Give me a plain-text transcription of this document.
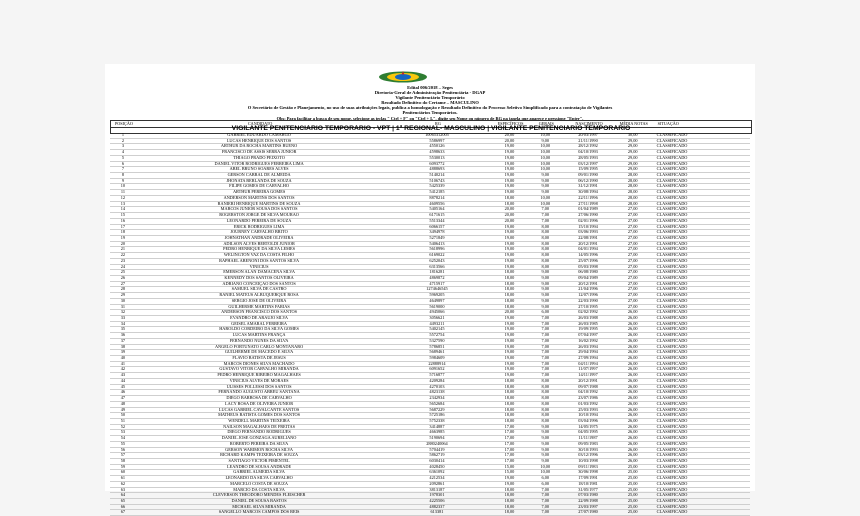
Edital 006/2018 – Seges
Diretoria-Geral de Administração Penitenciária - DGAP
Vigilante Penitenciário Temporário
Resultado Definitivo do Certame – MASCULINO
O Secretário de Gestão e Planejamento, no uso de suas atribuições legais, publica a homologação e Resultado Definitivo do Processo Seletivo Simplificado para a contratação de Vigilantes
Penitenciários Temporários.
Obs: Para facilitar a busca de seu nome, selecione as teclas " Ctrl + F" ou "Ctrl + L", digite seu Nome ou número de RG na janela que aparece e pressione "Enter".
POSIÇÃO	CANDIDATO	RG	ESPECÍFICOS	GERAIS	NASCIMENTO	MÉDIA NOTAS	SITUAÇÃO
VIGILANTE PENITENCIÁRIO TEMPORÁRIO - VPT | 1ª REGIONAL- MASCULINO | VIGILANTE PENITENCIÁRIO TEMPORÁRIO
1	GABRIEL EDUARDO CAMARGO	10065312005	20,00	10,00	20/03/1997	30,00	CLASSIFICADO
2	LUCAS HENRIQUE DOS SANTOS	5586997	20,00	9,00	21/11/1990	29,00	CLASSIFICADO
3	ARTHUR DA ROCHA MARTINS BUENO	4550126	19,00	10,00	28/12/1992	29,00	CLASSIFICADO
4	FRANCISCO DE ASSIS SERRA JÚNIOR	4598633	19,00	10,00	04/10/1993	29,00	CLASSIFICADO
5	THIAGO PRADO PEIXOTO	5530013	19,00	10,00	28/05/1993	29,00	CLASSIFICADO
6	DANIEL VITOR RODRIGUES FERREIRA LIMA	6093772	19,00	10,00	03/12/1997	29,00	CLASSIFICADO
7	ABEL BRUNO SOARES ALVES	4888693	19,00	10,00	15/09/1995	29,00	CLASSIFICADO
8	GERSON CABRAL DE ALMEIDA	5140214	19,00	9,00	09/01/1990	28,00	CLASSIFICADO
9	JHONATA BERLANDA DE SOUZA	5106743	19,00	9,00	06/12/1990	28,00	CLASSIFICADO
10	FILIPE GOMES DE CARVALHO	5425339	19,00	9,00	31/12/1991	28,00	CLASSIFICADO
11	ARTHUR PEREIRA GOMES	5412185	19,00	9,00	30/08/1994	28,00	CLASSIFICADO
12	ANDERSON MARTINS DOS SANTOS	8878214	18,00	10,00	22/11/1996	28,00	CLASSIFICADO
13	RANIERI HENRIQUE MARTINS DE SOUZA	4609556	18,00	10,00	27/11/1998	28,00	CLASSIFICADO
14	MARCOS JUNIOR SOUSA DOS SANTOS	5405164	20,00	7,00	01/04/1989	27,00	CLASSIFICADO
15	ROGERSTON JORGE DE SILVA MOURAO	6171615	20,00	7,00	27/06/1990	27,00	CLASSIFICADO
16	LEONARDO PEREIRA DE SOUZA	5513344	20,00	7,00	02/01/1996	27,00	CLASSIFICADO
17	ERICK RODRIGUES LIMA	6066157	19,00	8,00	15/10/1994	27,00	CLASSIFICADO
18	JOURNEY CARVALHO BRITO	3494978	19,00	8,00	03/06/1993	27,00	CLASSIFICADO
19	JOHNATHAN ANDRADE OLIVEIRA	5271849	19,00	8,00	22/08/1991	27,00	CLASSIFICADO
20	ADILSON ALVES BERTOLDI JUNIOR	5406413	19,00	8,00	20/12/1991	27,00	CLASSIFICADO
21	PEDRO HENRIQUE DA SILVA LEMES	5618996	19,00	8,00	04/01/1994	27,00	CLASSIFICADO
22	WELINGTON VAZ DA COSTA FILHO	6169022	19,00	8,00	14/05/1996	27,00	CLASSIFICADO
23	RAPHAEL ABENONI DOS SANTOS SILVA	6252043	19,00	8,00	25/07/1996	27,00	CLASSIFICADO
24	VINICIUS	6313566	19,00	8,00	05/03/1998	27,00	CLASSIFICADO
25	EMERSON ALAN DAMACENA SILVA	1816281	18,00	9,00	06/08/1980	27,00	CLASSIFICADO
26	KENNEDY DOS SANTOS OLIVEIRA	4869872	18,00	9,00	09/04/1989	27,00	CLASSIFICADO
27	ADRIANO CONCEIÇÃO DOS SANTOS	4715917	18,00	9,00	20/12/1991	27,00	CLASSIFICADO
28	SAMUEL SILVA DE CASTRO	1274646545	18,00	9,00	21/04/1996	27,00	CLASSIFICADO
29	RANIEL MATEUS ALBUQUERQUE ROSA	5969205	18,00	9,00	12/07/1996	27,00	CLASSIFICADO
30	SERGIO JOSÉ DE OLIVEIRA	4649897	18,00	9,00	22/03/1990	27,00	CLASSIFICADO
31	GUILHERME MARTINS FARIAS	5619000	18,00	9,00	27/10/1995	27,00	CLASSIFICADO
32	ANDERSON FRANCISCO DOS SANTOS	4945066	20,00	6,00	02/02/1992	26,00	CLASSIFICADO
33	EVANDRO DE ARAÚJO SILVA	3056621	19,00	7,00	26/03/1988	26,00	CLASSIFICADO
34	GEISEL AMARAL FERREIRA	4493211	19,00	7,00	26/03/1985	26,00	CLASSIFICADO
35	HAROLDO CORDEIRO DA SILVA GOMES	5402145	19,00	7,00	19/09/1995	26,00	CLASSIFICADO
36	LUCAS MARTINS FRANÇA	5572754	19,00	7,00	07/04/1997	26,00	CLASSIFICADO
37	FERNANDO NUNES DA SILVA	5327590	19,00	7,00	16/02/1992	26,00	CLASSIFICADO
38	ÂNGELO FORTUNATO CARLO MONTANARO	5786851	19,00	7,00	26/03/1994	26,00	CLASSIFICADO
39	GUILHERME DE MACEDO E SILVA	5689461	19,00	7,00	29/04/1994	26,00	CLASSIFICADO
40	FLAVIO BATISTA DE JESUS	5984609	19,00	7,00	27/09/1994	26,00	CLASSIFICADO
41	MARCOS DIONES SILVA MACHADO	22888914	19,00	7,00	04/11/1994	26,00	CLASSIFICADO
42	GUSTAVO VITOR CARVALHO MIRANDA	6091652	19,00	7,00	11/07/1997	26,00	CLASSIFICADO
43	PEDRO HENRIQUE RIBEIRO MAGALHÃES	5716877	19,00	7,00	14/11/1997	26,00	CLASSIFICADO
44	VINICIUS ALVES DE MORAES	4209284	18,00	8,00	20/12/1991	26,00	CLASSIFICADO
45	ULISSES POLLESSI DOS SANTOS	4270103	18,00	8,00	09/07/1988	26,00	CLASSIFICADO
46	FERNANDO AUGUSTO ABREU SANTANA	4823138	18,00	8,00	04/10/1992	26,00	CLASSIFICADO
47	DIEGO BARBOSA DE CARVALHO	2342934	18,00	8,00	23/07/1986	26,00	CLASSIFICADO
48	LACY ROSA DE OLIVEIRA JUNIOR	5652684	18,00	8,00	01/03/1992	26,00	CLASSIFICADO
49	LUCAS GABRIEL CAVALCANTE SANTOS	5687229	18,00	8,00	25/03/1993	26,00	CLASSIFICADO
50	MATHEUS BATISTA GOMES DOS SANTOS	5725186	18,00	8,00	10/10/1994	26,00	CLASSIFICADO
51	WENDELL MARTINS TEIXEIRA	5752338	18,00	8,00	03/04/1996	26,00	CLASSIFICADO
52	NAILSON MAGALHÃES DE FREITAS	3414887	17,00	9,00	14/05/1975	26,00	CLASSIFICADO
53	DIEGO FERNANDO RODRIGUES	4663985	17,00	9,00	04/05/1995	26,00	CLASSIFICADO
54	DANIEL JOSÉ GONZAGA AURELIANO	5190694	17,00	9,00	11/11/1987	26,00	CLASSIFICADO
55	ROBERTO PEREIRA DA SILVA	2880240064	17,00	9,00	09/05/1983	26,00	CLASSIFICADO
56	GERSON WARIMON ROCHA SILVA	5704419	17,00	9,00	30/10/1993	26,00	CLASSIFICADO
57	RICHARD KAMPS TEIXEIRA DE SOUZA	5862719	17,00	9,00	03/12/1996	26,00	CLASSIFICADO
58	SANTIAGO VICTOR PIMENTEL	6030414	17,00	9,00	10/03/1998	26,00	CLASSIFICADO
59	LEANDRO DE SOUSA ANDRADE	4028450	15,00	10,00	09/11/1983	25,00	CLASSIFICADO
60	GABRIEL ALMEIDA SILVA	6361092	15,00	10,00	30/06/1998	25,00	CLASSIFICADO
61	LEONARDO DA SILVA CARVALHO	4212534	19,00	6,00	17/09/1991	25,00	CLASSIFICADO
62	MARCELO COSTA DE SOUZA	2092861	19,00	6,00	18/10/1981	25,00	CLASSIFICADO
63	MARCIO DA COSTA SILVA	3813187	18,00	7,00	31/05/1977	25,00	CLASSIFICADO
64	CLEVERSON THEODORO MENDES FLEISCHER	1978301	18,00	7,00	07/03/1980	25,00	CLASSIFICADO
65	DANIEL DE SOUSA BASTOS	4225506	18,00	7,00	22/09/1988	25,00	CLASSIFICADO
66	MICHAEL SILVA MIRANDA	4882337	18,00	7,00	23/03/1997	25,00	CLASSIFICADO
67	SANGELLO MARCOS CAMPOS DOS REIS	613381	18,00	7,00	27/07/1980	25,00	CLASSIFICADO
